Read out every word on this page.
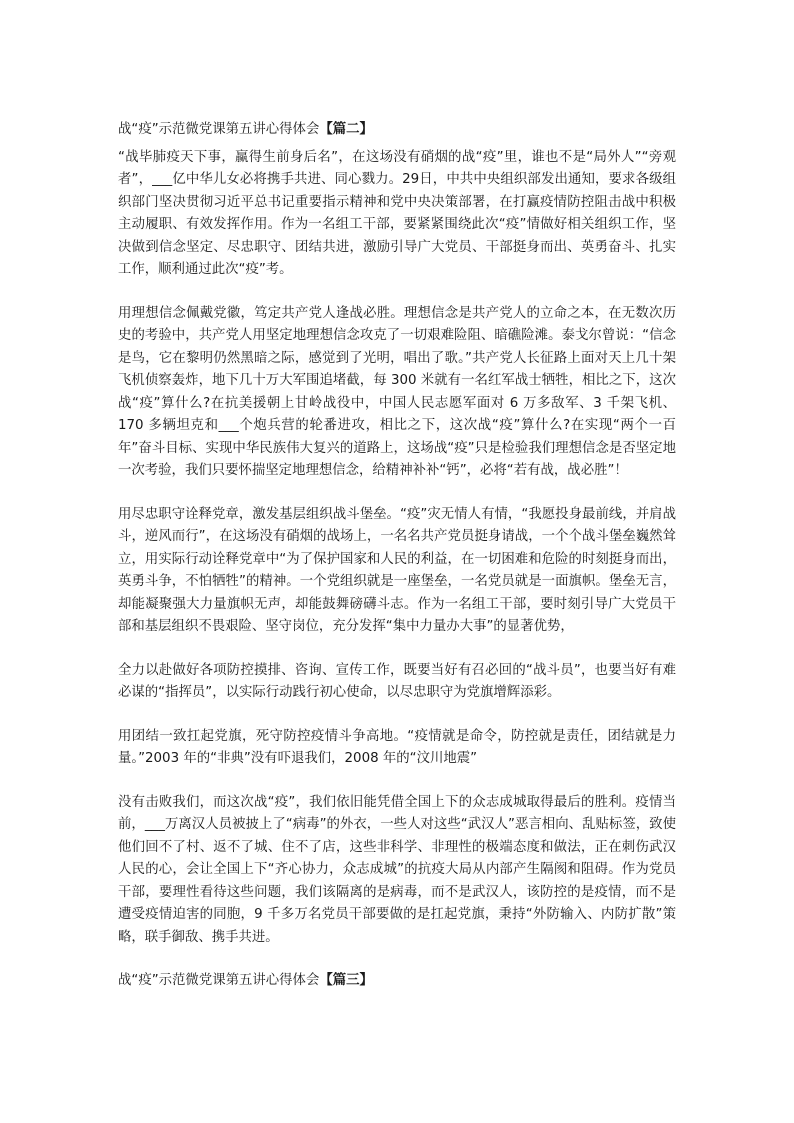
战“疫”示范微党课第五讲心得体会【篇二】

“战毕肺疫天下事，赢得生前身后名”，在这场没有硝烟的战“疫”里，谁也不是“局外人”“旁观者”，___亿中华儿女必将携手共进、同心戮力。29日，中共中央组织部发出通知，要求各级组织部门坚决贯彻习近平总书记重要指示精神和党中央决策部署，在打赢疫情防控阻击战中积极主动履职、有效发挥作用。作为一名组工干部，要紧紧围绕此次“疫”情做好相关组织工作，坚决做到信念坚定、尽忠职守、团结共进，激励引导广大党员、干部挺身而出、英勇奋斗、扎实工作，顺利通过此次“疫”考。

用理想信念佩戴党徽，笃定共产党人逢战必胜。理想信念是共产党人的立命之本，在无数次历史的考验中，共产党人用坚定地理想信念攻克了一切艰难险阻、暗礁险滩。泰戈尔曾说：“信念是鸟，它在黎明仍然黑暗之际，感觉到了光明，唱出了歌。”共产党人长征路上面对天上几十架飞机侦察轰炸，地下几十万大军围追堵截，每 300 米就有一名红军战士牺牲，相比之下，这次战“疫”算什么?在抗美援朝上甘岭战役中，中国人民志愿军面对 6 万多敌军、3 千架飞机、170 多辆坦克和___个炮兵营的轮番进攻，相比之下，这次战“疫”算什么?在实现“两个一百年”奋斗目标、实现中华民族伟大复兴的道路上，这场战“疫”只是检验我们理想信念是否坚定地一次考验，我们只要怀揣坚定地理想信念，给精神补补“钙”，必将“若有战，战必胜”！

用尽忠职守诠释党章，激发基层组织战斗堡垒。“疫”灾无情人有情，“我愿投身最前线，并肩战斗，逆风而行”，在这场没有硝烟的战场上，一名名共产党员挺身请战，一个个战斗堡垒巍然耸立，用实际行动诠释党章中“为了保护国家和人民的利益，在一切困难和危险的时刻挺身而出，英勇斗争，不怕牺牲”的精神。一个党组织就是一座堡垒，一名党员就是一面旗帜。堡垒无言，却能凝聚强大力量旗帜无声，却能鼓舞磅礴斗志。作为一名组工干部，要时刻引导广大党员干部和基层组织不畏艰险、坚守岗位，充分发挥“集中力量办大事”的显著优势，

全力以赴做好各项防控摸排、咨询、宣传工作，既要当好有召必回的“战斗员”，也要当好有难必谋的“指挥员”，以实际行动践行初心使命，以尽忠职守为党旗增辉添彩。

用团结一致扛起党旗，死守防控疫情斗争高地。“疫情就是命令，防控就是责任，团结就是力量。”2003 年的“非典”没有吓退我们，2008 年的“汶川地震”

没有击败我们，而这次战“疫”，我们依旧能凭借全国上下的众志成城取得最后的胜利。疫情当前，___万离汉人员被披上了“病毒”的外衣，一些人对这些“武汉人”恶言相向、乱贴标签，致使他们回不了村、返不了城、住不了店，这些非科学、非理性的极端态度和做法，正在刺伤武汉人民的心，会让全国上下“齐心协力，众志成城”的抗疫大局从内部产生隔阂和阻碍。作为党员干部，要理性看待这些问题，我们该隔离的是病毒，而不是武汉人，该防控的是疫情，而不是遭受疫情迫害的同胞，9 千多万名党员干部要做的是扛起党旗，秉持“外防输入、内防扩散”策略，联手御敌、携手共进。

战“疫”示范微党课第五讲心得体会【篇三】
